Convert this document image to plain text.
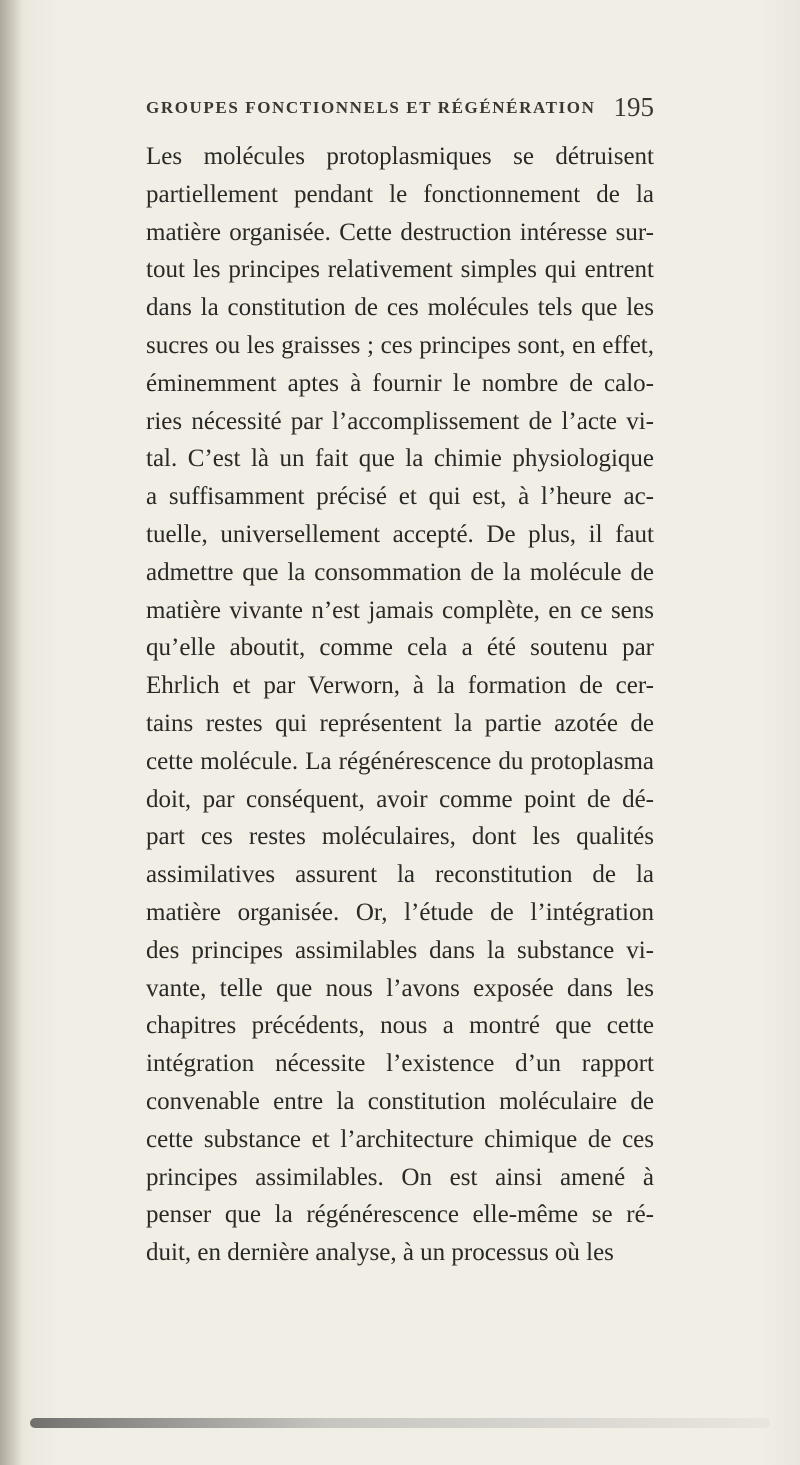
GROUPES FONCTIONNELS ET RÉGÉNÉRATION 195
Les molécules protoplasmiques se détruisent
partiellement pendant le fonctionnement de la
matière organisée. Cette destruction intéresse sur-
tout les principes relativement simples qui entrent
dans la constitution de ces molécules tels que les
sucres ou les graisses ; ces principes sont, en effet,
éminemment aptes à fournir le nombre de calo-
ries nécessité par l’accomplissement de l’acte vi-
tal. C’est là un fait que la chimie physiologique
a suffisamment précisé et qui est, à l’heure ac-
tuelle, universellement accepté. De plus, il faut
admettre que la consommation de la molécule de
matière vivante n’est jamais complète, en ce sens
qu’elle aboutit, comme cela a été soutenu par
Ehrlich et par Verworn, à la formation de cer-
tains restes qui représentent la partie azotée de
cette molécule. La régénérescence du protoplasma
doit, par conséquent, avoir comme point de dé-
part ces restes moléculaires, dont les qualités
assimilatives assurent la reconstitution de la
matière organisée. Or, l’étude de l’intégration
des principes assimilables dans la substance vi-
vante, telle que nous l’avons exposée dans les
chapitres précédents, nous a montré que cette
intégration nécessite l’existence d’un rapport
convenable entre la constitution moléculaire de
cette substance et l’architecture chimique de ces
principes assimilables. On est ainsi amené à
penser que la régénérescence elle-même se ré-
duit, en dernière analyse, à un processus où les
